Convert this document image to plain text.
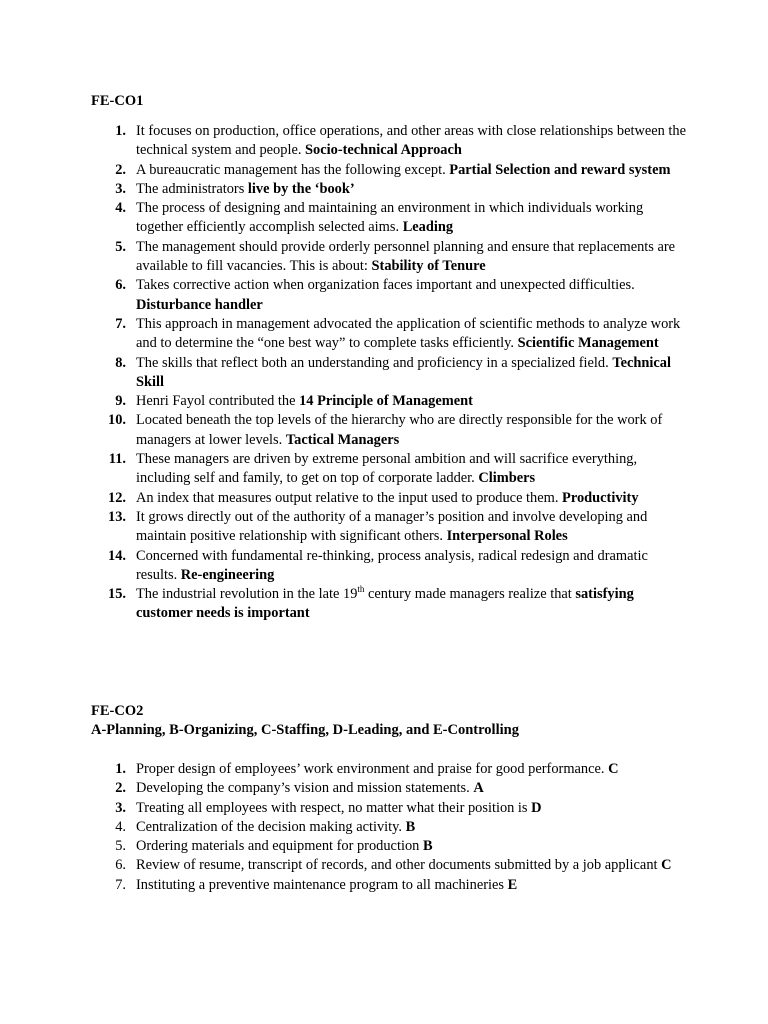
FE-CO1
1. It focuses on production, office operations, and other areas with close relationships between the technical system and people. Socio-technical Approach
2. A bureaucratic management has the following except. Partial Selection and reward system
3. The administrators live by the ‘book’
4. The process of designing and maintaining an environment in which individuals working together efficiently accomplish selected aims. Leading
5. The management should provide orderly personnel planning and ensure that replacements are available to fill vacancies. This is about: Stability of Tenure
6. Takes corrective action when organization faces important and unexpected difficulties. Disturbance handler
7. This approach in management advocated the application of scientific methods to analyze work and to determine the “one best way” to complete tasks efficiently. Scientific Management
8. The skills that reflect both an understanding and proficiency in a specialized field. Technical Skill
9. Henri Fayol contributed the 14 Principle of Management
10. Located beneath the top levels of the hierarchy who are directly responsible for the work of managers at lower levels. Tactical Managers
11. These managers are driven by extreme personal ambition and will sacrifice everything, including self and family, to get on top of corporate ladder. Climbers
12. An index that measures output relative to the input used to produce them. Productivity
13. It grows directly out of the authority of a manager’s position and involve developing and maintain positive relationship with significant others. Interpersonal Roles
14. Concerned with fundamental re-thinking, process analysis, radical redesign and dramatic results. Re-engineering
15. The industrial revolution in the late 19th century made managers realize that satisfying customer needs is important
FE-CO2
A-Planning, B-Organizing, C-Staffing, D-Leading, and E-Controlling
1. Proper design of employees’ work environment and praise for good performance. C
2. Developing the company’s vision and mission statements. A
3. Treating all employees with respect, no matter what their position is D
4. Centralization of the decision making activity. B
5. Ordering materials and equipment for production B
6. Review of resume, transcript of records, and other documents submitted by a job applicant C
7. Instituting a preventive maintenance program to all machineries E
